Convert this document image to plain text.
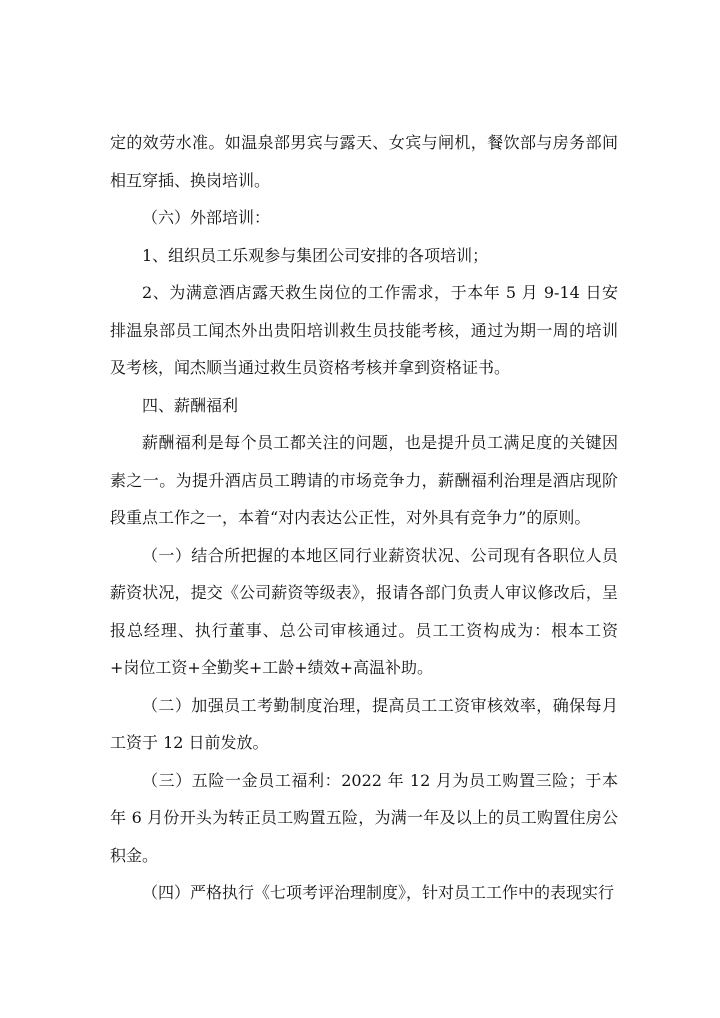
定的效劳水准。如温泉部男宾与露天、女宾与闸机，餐饮部与房务部间相互穿插、换岗培训。

（六）外部培训：

1、组织员工乐观参与集团公司安排的各项培训；

2、为满意酒店露天救生岗位的工作需求，于本年 5 月 9-14 日安排温泉部员工闻杰外出贵阳培训救生员技能考核，通过为期一周的培训及考核，闻杰顺当通过救生员资格考核并拿到资格证书。

四、薪酬福利

薪酬福利是每个员工都关注的问题，也是提升员工满足度的关键因素之一。为提升酒店员工聘请的市场竞争力，薪酬福利治理是酒店现阶段重点工作之一，本着“对内表达公正性，对外具有竞争力”的原则。

（一）结合所把握的本地区同行业薪资状况、公司现有各职位人员薪资状况，提交《公司薪资等级表》，报请各部门负责人审议修改后，呈报总经理、执行董事、总公司审核通过。员工工资构成为：根本工资+岗位工资+全勤奖+工龄+绩效+高温补助。

（二）加强员工考勤制度治理，提高员工工资审核效率，确保每月工资于 12 日前发放。

（三）五险一金员工福利：2022 年 12 月为员工购置三险；于本年 6 月份开头为转正员工购置五险，为满一年及以上的员工购置住房公积金。

（四）严格执行《七项考评治理制度》，针对员工工作中的表现实行
